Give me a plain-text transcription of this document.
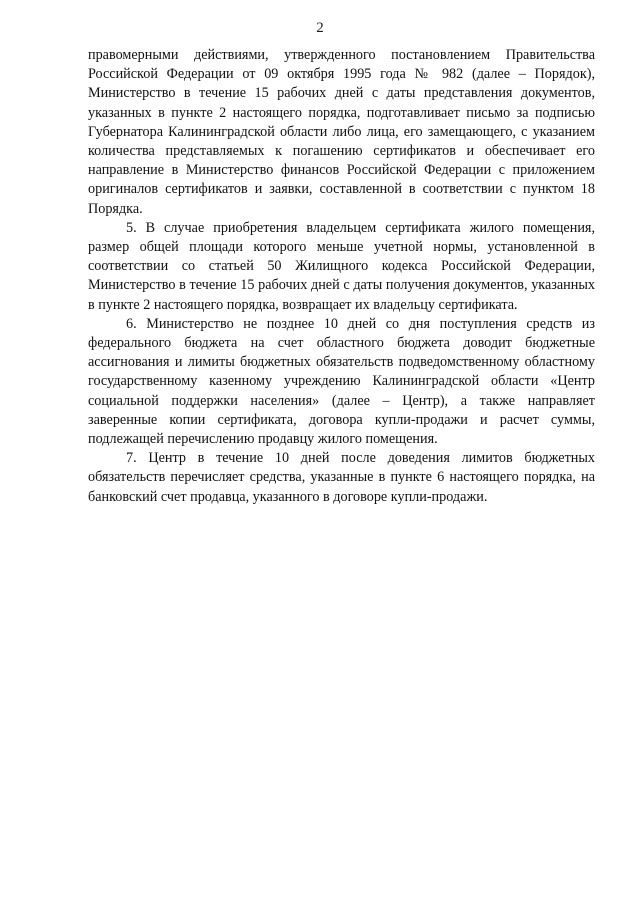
2

правомерными действиями, утвержденного постановлением Правительства Российской Федерации от 09 октября 1995 года № 982 (далее – Порядок), Министерство в течение 15 рабочих дней с даты представления документов, указанных в пункте 2 настоящего порядка, подготавливает письмо за подписью Губернатора Калининградской области либо лица, его замещающего, с указанием количества представляемых к погашению сертификатов и обеспечивает его направление в Министерство финансов Российской Федерации с приложением оригиналов сертификатов и заявки, составленной в соответствии с пунктом 18 Порядка.

5. В случае приобретения владельцем сертификата жилого помещения, размер общей площади которого меньше учетной нормы, установленной в соответствии со статьей 50 Жилищного кодекса Российской Федерации, Министерство в течение 15 рабочих дней с даты получения документов, указанных в пункте 2 настоящего порядка, возвращает их владельцу сертификата.

6. Министерство не позднее 10 дней со дня поступления средств из федерального бюджета на счет областного бюджета доводит бюджетные ассигнования и лимиты бюджетных обязательств подведомственному областному государственному казенному учреждению Калининградской области «Центр социальной поддержки населения» (далее – Центр), а также направляет заверенные копии сертификата, договора купли-продажи и расчет суммы, подлежащей перечислению продавцу жилого помещения.

7. Центр в течение 10 дней после доведения лимитов бюджетных обязательств перечисляет средства, указанные в пункте 6 настоящего порядка, на банковский счет продавца, указанного в договоре купли-продажи.
